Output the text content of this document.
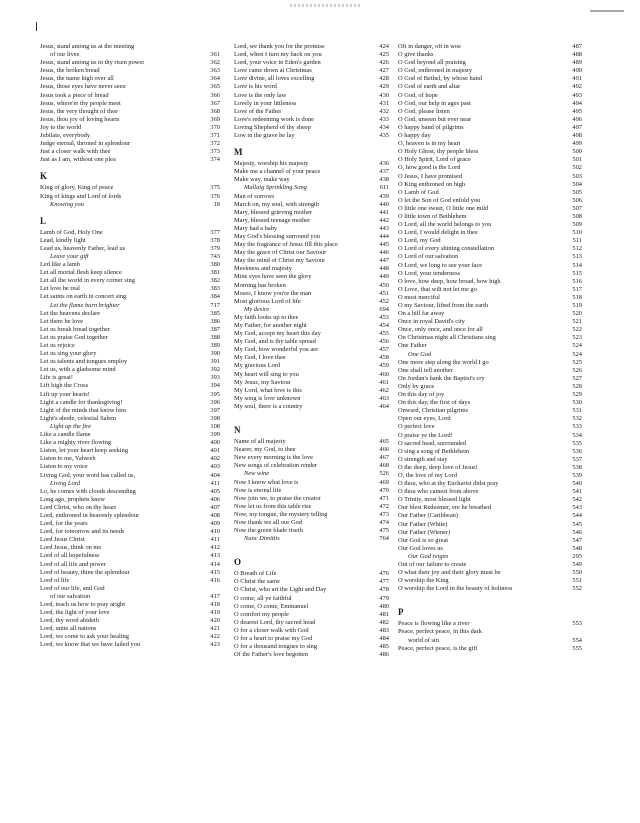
Jesus, stand among us at the meeting
of our lives	361
Jesus, stand among us in thy risen power	362
Jesus, the broken bread	363
Jesus, the name high over all	364
Jesus, those eyes have never seen	365
Jesus took a piece of bread	366
Jesus, where'er thy people meet	367
Jesus, the very thought of thee	368
Jesus, thou joy of loving hearts	369
Joy to the world	370
Jubilate, everybody	371
Judge eternal, throned in splendour	372
Just a closer walk with thee	373
Just as I am, without one plea	374
K
King of glory, King of peace	375
King of kings and Lord of lords	376
Knowing you	18
L
Lamb of God, Holy One	377
Lead, kindly light	378
Lead us, heavenly Father, lead us	379
Leave your gift	743
Led like a lamb	380
Let all mortal flesh keep silence	381
Let all the world in every corner sing	382
Let love be real	383
Let saints on earth in concert sing	384
Let the flame burn brighter	717
Let the heavens declare	385
Let there be love	386
Let us break bread together	387
Let us praise God together	388
Let us rejoice	389
Let us sing your glory	390
Let us talents and tongues employ	391
Let us, with a gladsome mind	392
Life is great!	393
Lift high the Cross	394
Lift up your hearts!	395
Light a candle for thanksgiving!	396
Light of the minds that know him	397
Light's abode, celestial Salem	398
Light up the fire	108
Like a candle flame	399
Like a mighty river flowing	400
Listen, let your heart keep seeking	401
Listen to me, Yahweh	402
Listen to my voice	403
Living God, your word has called us,	404
Living Lord	411
Lo, he comes with clouds descending	405
Long ago, prophets knew	406
Lord Christ, who on thy heart	407
Lord, enthroned in heavenly splendour	408
Lord, for the years	409
Lord, for tomorrow and its needs	410
Lord Jesus Christ	411
Lord Jesus, think on me	412
Lord of all hopefulness	413
Lord of all life and power	414
Lord of beauty, thine the splendour	415
Lord of life	416
Lord of our life, and God
of our salvation	417
Lord, teach us how to pray aright	418
Lord, the light of your love	419
Lord, thy word abideth	420
Lord, unite all nations	421
Lord, we come to ask your healing	422
Lord, we know that we have failed you	423
Lord, we thank you for the promise	424
Lord, when I turn my back on you	425
Lord, your voice in Eden's garden	426
Love came down at Christmas	427
Love divine, all loves excelling	428
Love is his word	429
Love is the only law	430
Lovely in your littleness	431
Love of the Father	432
Love's redeeming work is done	433
Loving Shepherd of thy sheep	434
Low in the grave he lay	435
M
Majesty, worship his majesty	436
Make me a channel of your peace	437
Make way, make way	438
Mallaig Sprinkling Song	611
Man of sorrows	439
March on, my soul, with strength	440
Mary, blessed grieving mother	441
Mary, blessed teenage mother	442
Mary had a baby	443
May God's blessing surround you	444
May the fragrance of Jesus fill this place	445
May the grace of Christ our Saviour	446
May the mind of Christ my Saviour	447
Meekness and majesty	448
Mine eyes have seen the glory	449
Morning has broken	450
Moses, I know you're the man	451
Most glorious Lord of life	452
My desire	694
My faith looks up to thee	453
My Father, for another night	454
My God, accept my heart this day	455
My God, and is thy table spread	456
My God, how wonderful you are	457
My God, I love thee	458
My gracious Lord	459
My heart will sing to you	460
My Jesus, my Saviour	461
My Lord, what love is this	462
My song is love unknown	463
My soul, there is a country	464
N
Name of all majesty	465
Nearer, my God, to thee	466
New every morning is the love	467
New songs of celebration render	468
New wine	526
Now I know what love is	469
Now is eternal life	470
Now join we, to praise the creator	471
Now let us from this table rise	472
Now, my tongue, the mystery telling	473
Now thank we all our God	474
Now the green blade riseth	475
Nunc Dimittis	764
O
O Breath of Life	476
O Christ the same	477
O Christ, who art the Light and Day	478
O come, all ye faithful	479
O come, O come, Emmanuel	480
O comfort my people	481
O dearest Lord, thy sacred head	482
O for a closer walk with God	483
O for a heart to praise my God	484
O for a thousand tongues to sing	485
Of the Father's love begotten	486
Oft in danger, oft in woe	487
O give thanks	488
O God beyond all praising	489
O God, enthroned in majesty	490
O God of Bethel, by whose hand	491
O God of earth and altar	492
O God, of hope	493
O God, our help in ages past	494
O God, please listen	495
O God, unseen but ever near	496
O happy band of pilgrims	497
O happy day	498
O, heaven is in my heart	499
O Holy Ghost, thy people bless	500
O Holy Spirit, Lord of grace	501
O, how good is the Lord	502
O Jesus, I have promised	503
O King enthroned on high	504
O Lamb of God	505
O let the Son of God enfold you	506
O little one sweet, O little one mild	507
O little town of Bethlehem	508
O Lord, all the world belongs to you	509
O Lord, I would delight in thee	510
O Lord, my God	511
O Lord of every shining constellation	512
O Lord of our salvation	513
O Lord, we long to see your face	514
O Lord, your tenderness	515
O love, how deep, how broad, how high	516
O Love, that wilt not let me go	517
O most merciful	518
O my Saviour, lifted from the earth	519
On a hill far away	520
Once in royal David's city	521
Once, only once, and once for all	522
On Christmas night all Christians sing	523
One Father	524
One God	524
One more step along the world I go	525
One shall tell another	526
On Jordan's bank the Baptist's cry	527
Only by grace	528
On this day of joy	529
On this day, the first of days	530
Onward, Christian pilgrims	531
Open our eyes, Lord	532
O perfect love	533
O praise ye the Lord!	534
O sacred head, surrounded	535
O sing a song of Bethlehem	536
O strength and stay	537
O the deep, deep love of Jesus!	538
O, the love of my Lord	539
O thou, who at thy Eucharist didst pray	540
O thou who camest from above	541
O Trinity, most blessed light	542
Our blest Redeemer, ere he breathed	543
Our Father (Caribbean)	544
Our Father (White)	545
Our Father (Wiener)	546
Our God is so great	547
Our God loves us	548
Our God reigns	295
Out of our failure to create	549
O what their joy and their glory must be	550
O worship the King	551
O worship the Lord in the beauty of holiness	552
P
Peace is flowing like a river	553
Peace, perfect peace, in this dark
world of sin	554
Peace, perfect peace, is the gift	555
